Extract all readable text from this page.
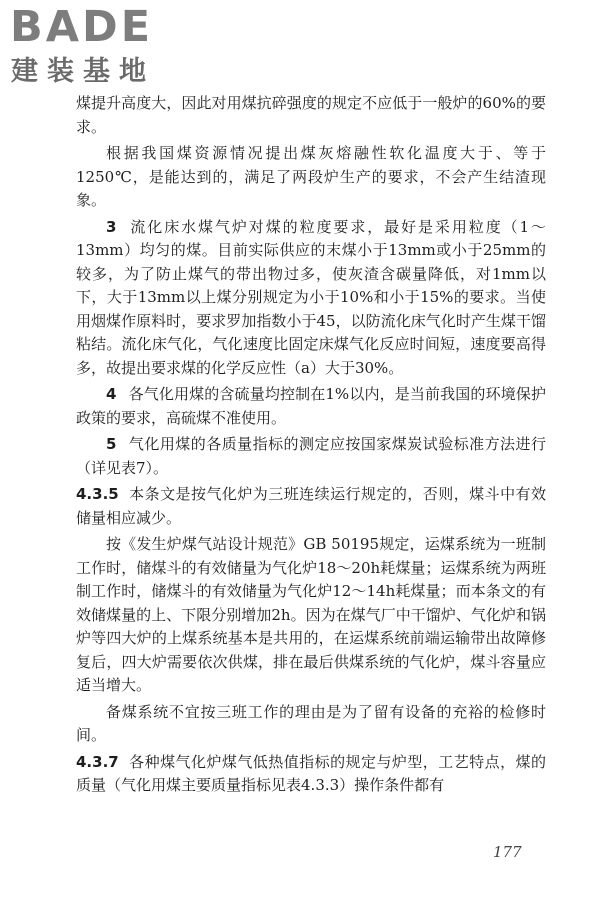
BADE

建装基地

煤提升高度大，因此对用煤抗碎强度的规定不应低于一般炉的60%的要求。

根据我国煤资源情况提出煤灰熔融性软化温度大于、等于1250℃，是能达到的，满足了两段炉生产的要求，不会产生结渣现象。

3 流化床水煤气炉对煤的粒度要求，最好是采用粒度（1～13mm）均匀的煤。目前实际供应的末煤小于13mm或小于25mm的较多，为了防止煤气的带出物过多，使灰渣含碳量降低，对1mm以下，大于13mm以上煤分别规定为小于10%和小于15%的要求。当使用烟煤作原料时，要求罗加指数小于45，以防流化床气化时产生煤干馏粘结。流化床气化，气化速度比固定床煤气化反应时间短，速度要高得多，故提出要求煤的化学反应性（a）大于30%。

4 各气化用煤的含硫量均控制在1%以内，是当前我国的环境保护政策的要求，高硫煤不准使用。

5 气化用煤的各质量指标的测定应按国家煤炭试验标准方法进行（详见表7）。

4.3.5 本条文是按气化炉为三班连续运行规定的，否则，煤斗中有效储量相应减少。

按《发生炉煤气站设计规范》GB 50195规定，运煤系统为一班制工作时，储煤斗的有效储量为气化炉18～20h耗煤量；运煤系统为两班制工作时，储煤斗的有效储量为气化炉12～14h耗煤量；而本条文的有效储煤量的上、下限分别增加2h。因为在煤气厂中干馏炉、气化炉和锅炉等四大炉的上煤系统基本是共用的，在运煤系统前端运输带出故障修复后，四大炉需要依次供煤，排在最后供煤系统的气化炉，煤斗容量应适当增大。

备煤系统不宜按三班工作的理由是为了留有设备的充裕的检修时间。

4.3.7 各种煤气化炉煤气低热值指标的规定与炉型，工艺特点，煤的质量（气化用煤主要质量指标见表4.3.3）操作条件都有

177
